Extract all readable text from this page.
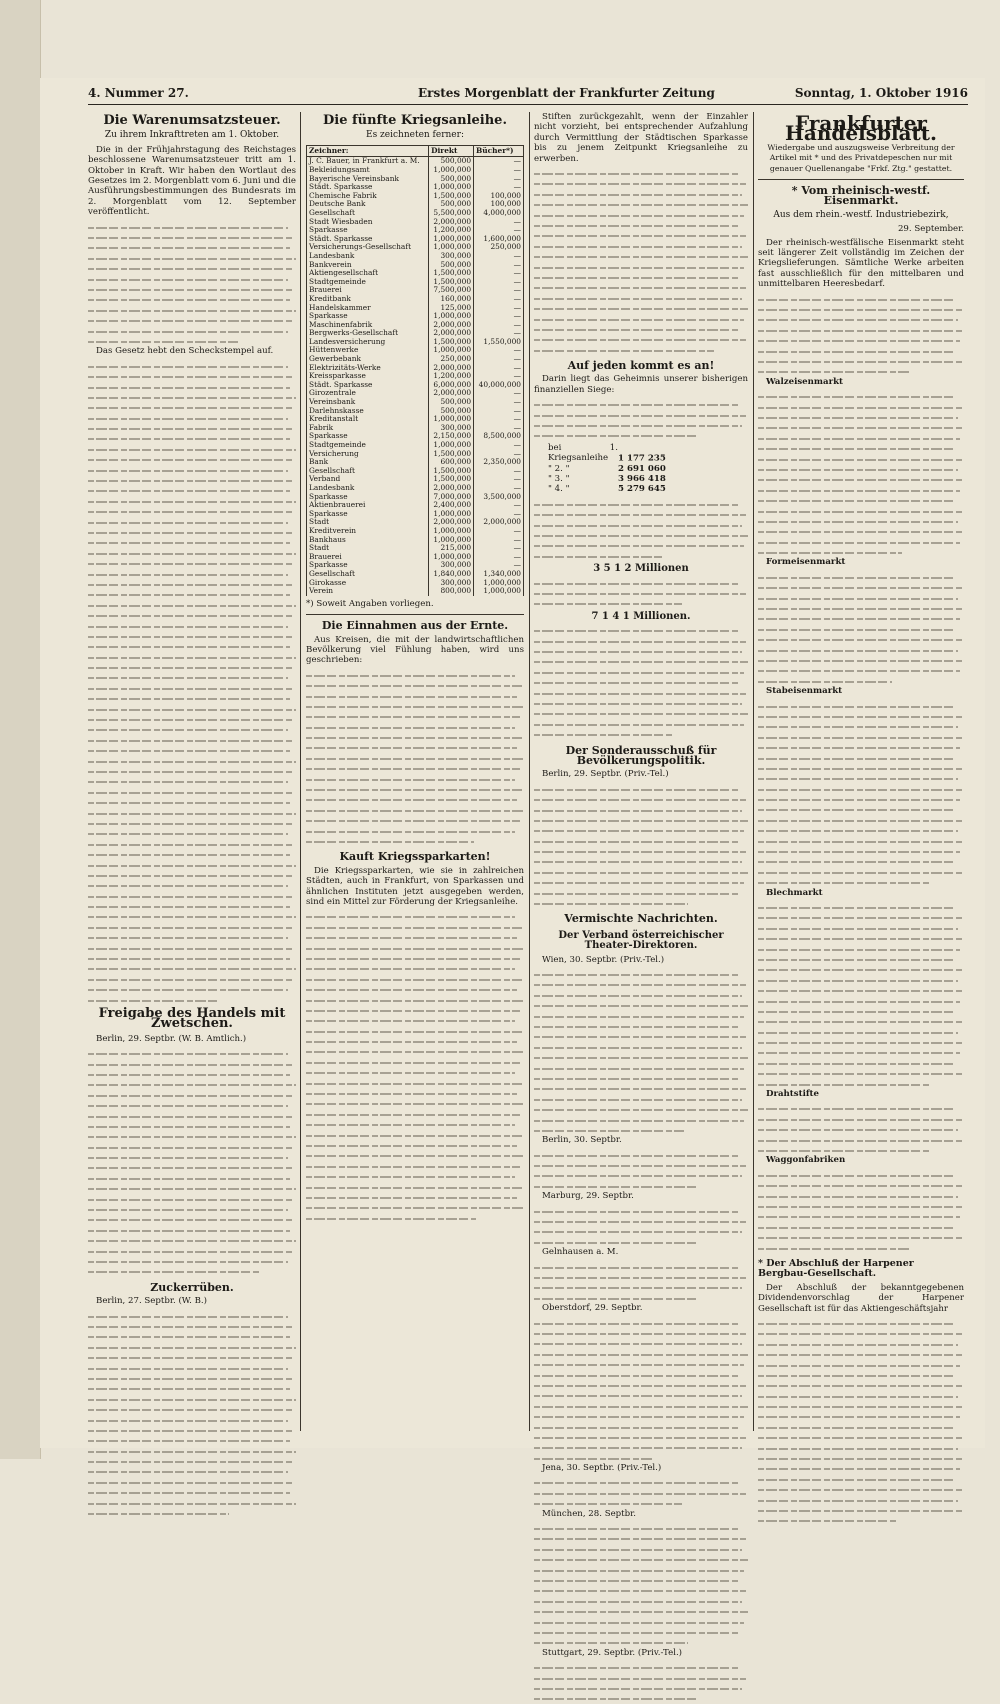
4. Nummer 27.	Erstes Morgenblatt der Frankfurter Zeitung	Sonntag, 1. Oktober 1916
Die Warenumsatzsteuer.
Zu ihrem Inkrafttreten am 1. Oktober.

Die in der Frühjahrstagung des Reichstages beschlossene Warenumsatzsteuer tritt am 1. Oktober in Kraft. Wir haben den Wortlaut des Gesetzes im 2. Morgenblatt vom 6. Juni und die Ausführungsbestimmungen des Bundesrats im 2. Morgenblatt vom 12. September veröffentlicht.

Das Gesetz hebt den Scheckstempel auf.

Freigabe des Handels mit Zwetschen.

Berlin, 29. Septbr. (W. B. Amtlich.)

Zuckerrüben.

Berlin, 27. Septbr. (W. B.)

Die fünfte Kriegsanleihe.
Es zeichneten ferner:
Zeichner:	Direkt	Bücher*)
J. C. Bauer, in Frankfurt a. M.	500,000	—
Bekleidungsamt	1,000,000	—
Bayerische Vereinsbank	500,000	—
Städt. Sparkasse	1,000,000	—
Chemische Fabrik	1,500,000	100,000
Deutsche Bank	500,000	100,000
Gesellschaft	5,500,000	4,000,000
Stadt Wiesbaden	2,000,000	—
Sparkasse	1,200,000	—
Städt. Sparkasse	1,000,000	1,600,000
Versicherungs-Gesellschaft	1,000,000	250,000
Landesbank	300,000	—
Bankverein	500,000	—
Aktiengesellschaft	1,500,000	—
Stadtgemeinde	1,500,000	—
Brauerei	7,500,000	—
Kreditbank	160,000	—
Handelskammer	125,000	—
Sparkasse	1,000,000	—
Maschinenfabrik	2,000,000	—
Bergwerks-Gesellschaft	2,000,000	—
Landesversicherung	1,500,000	1,550,000
Hüttenwerke	1,000,000	—
Gewerbebank	250,000	—
Elektrizitäts-Werke	2,000,000	—
Kreissparkasse	1,200,000	—
Städt. Sparkasse	6,000,000	40,000,000
Girozentrale	2,000,000	—
Vereinsbank	500,000	—
Darlehnskasse	500,000	—
Kreditanstalt	1,000,000	—
Fabrik	300,000	—
Sparkasse	2,150,000	8,500,000
Stadtgemeinde	1,000,000	—
Versicherung	1,500,000	—
Bank	600,000	2,350,000
Gesellschaft	1,500,000	—
Verband	1,500,000	—
Landesbank	2,000,000	—
Sparkasse	7,000,000	3,500,000
Aktienbrauerei	2,400,000	—
Sparkasse	1,000,000	—
Stadt	2,000,000	2,000,000
Kreditverein	1,000,000	—
Bankhaus	1,000,000	—
Stadt	215,000	—
Brauerei	1,000,000	—
Sparkasse	300,000	—
Gesellschaft	1,840,000	1,340,000
Girokasse	300,000	1,000,000
Verein	800,000	1,000,000
*) Soweit Angaben vorliegen.
Die Einnahmen aus der Ernte.

Aus Kreisen, die mit der landwirtschaftlichen Bevölkerung viel Fühlung haben, wird uns geschrieben:

Kauft Kriegssparkarten!

Die Kriegssparkarten, wie sie in zahlreichen Städten, auch in Frankfurt, von Sparkassen und ähnlichen Instituten jetzt ausgegeben werden, sind ein Mittel zur Förderung der Kriegsanleihe.

Stiften zurückgezahlt, wenn der Einzahler nicht vorzieht, bei entsprechender Aufzahlung durch Vermittlung der Städtischen Sparkasse bis zu jenem Zeitpunkt Kriegsanleihe zu erwerben.

Auf jeden kommt es an!

Darin liegt das Geheimnis unserer bisherigen finanziellen Siege:

bei 1. Kriegsanleihe 1 177 235
" 2. "	2 691 060
" 3. "	3 966 418
" 4. "	5 279 645
3 5 1 2 Millionen
7 1 4 1 Millionen.
Der Sonderausschuß für Bevölkerungspolitik.

Berlin, 29. Septbr. (Priv.-Tel.)

Vermischte Nachrichten.
Der Verband österreichischer Theater-Direktoren.

Wien, 30. Septbr. (Priv.-Tel.)

Berlin, 30. Septbr.

Marburg, 29. Septbr.

Gelnhausen a. M.

Oberstdorf, 29. Septbr.

Jena, 30. Septbr. (Priv.-Tel.)

München, 28. Septbr.

Stuttgart, 29. Septbr. (Priv.-Tel.)

Frankfurter Handelsblatt.
Wiedergabe und auszugsweise Verbreitung der Artikel mit * und des Privatdepeschen nur mit genauer Quellenangabe "Frkf. Ztg." gestattet.
* Vom rheinisch-westf. Eisenmarkt.
Aus dem rhein.-westf. Industriebezirk,
29. September.

Der rheinisch-westfälische Eisenmarkt steht seit längerer Zeit vollständig im Zeichen der Kriegslieferungen. Sämtliche Werke arbeiten fast ausschließlich für den mittelbaren und unmittelbaren Heeresbedarf.

Walzeisenmarkt

Formeisenmarkt

Stabeisenmarkt

Blechmarkt

Drahtstifte

Waggonfabriken

* Der Abschluß der Harpener Bergbau-Gesellschaft.

Der Abschluß der bekanntgegebenen Dividendenvorschlag der Harpener Gesellschaft ist für das Aktiengeschäftsjahr
